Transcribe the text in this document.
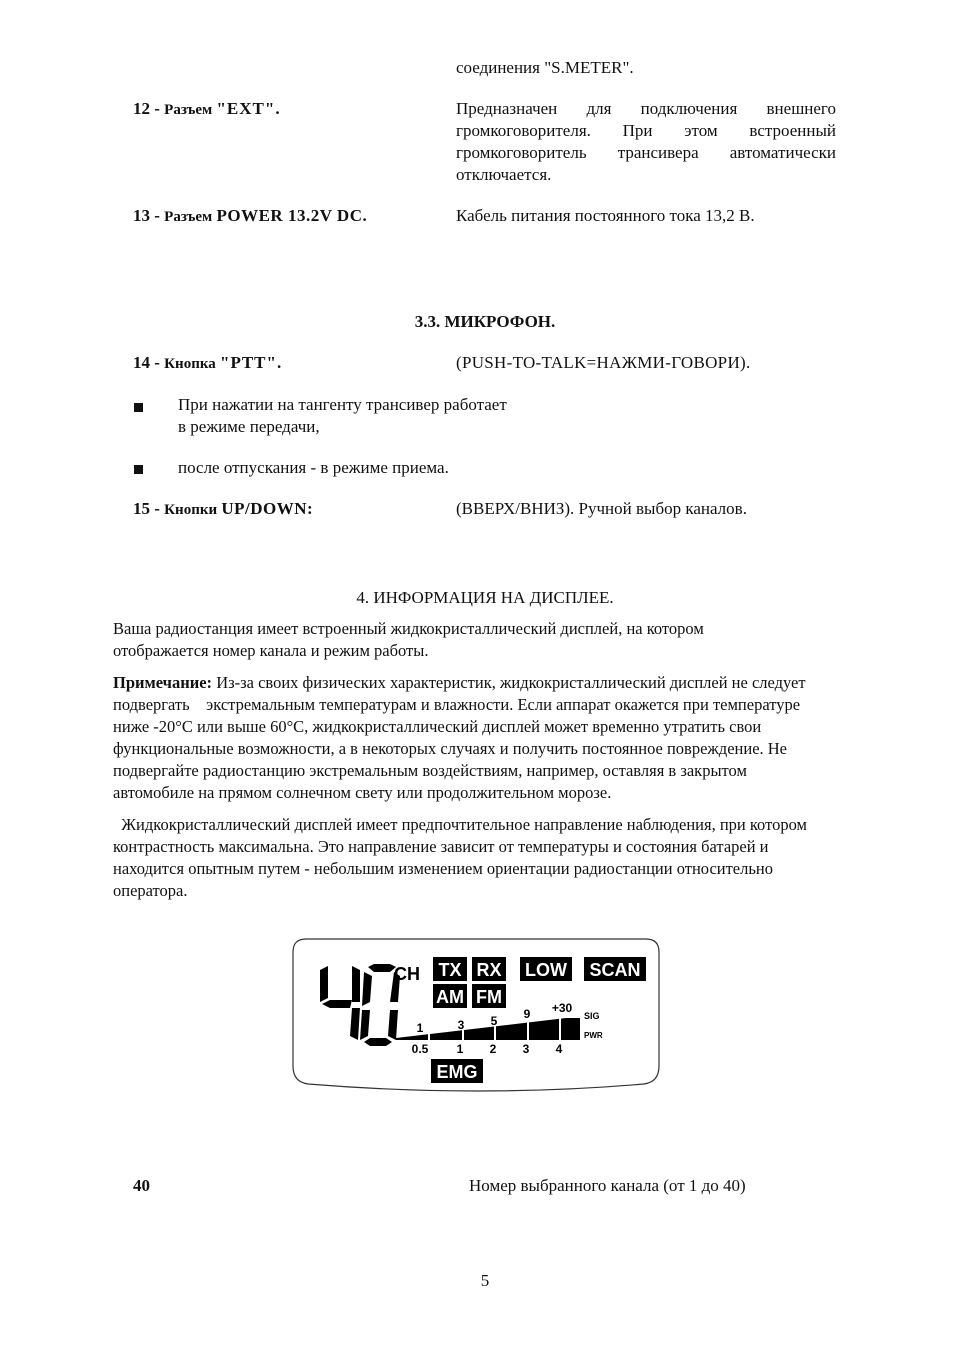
соединения "S.METER".
12 - Разъем "EXT".	Предназначен для подключения внешнего
громкоговорителя. При этом встроенный
громкоговоритель трансивера автоматически
отключается.
13 - Разъем POWER 13.2V DC.	Кабель питания постоянного тока 13,2 В.
3.3. МИКРОФОН.
14 - Кнопка "PTT".	(PUSH-TO-TALK=НАЖМИ-ГОВОРИ).
При нажатии на тангенту трансивер работает
в режиме передачи,
после отпускания - в режиме приема.
15 - Кнопки UP/DOWN:	(ВВЕРХ/ВНИЗ). Ручной выбор каналов.
4. ИНФОРМАЦИЯ НА ДИСПЛЕЕ.
Ваша радиостанция имеет встроенный жидкокристаллический дисплей, на котором
отображается номер канала и режим работы.
Примечание: Из-за своих физических характеристик, жидкокристаллический дисплей не следует
подвергать    экстремальным температурам и влажности. Если аппарат окажется при температуре
ниже -20°C или выше 60°C, жидкокристаллический дисплей может временно утратить свои
функциональные возможности, а в некоторых случаях и получить постоянное повреждение. Не
подвергайте радиостанцию экстремальным воздействиям, например, оставляя в закрытом
автомобиле на прямом солнечном свету или продолжительном морозе.
Жидкокристаллический дисплей имеет предпочтительное направление наблюдения, при котором
контрастность максимальна. Это направление зависит от температуры и состояния батарей и
находится опытным путем - небольшим изменением ориентации радиостанции относительно
оператора.
CH TX RX LOW SCAN
AM FM
1	3 5 9 +30
SIG
PWR
0.5 1 2 3 4
EMG
40	Номер выбранного канала (от 1 до 40)
5
